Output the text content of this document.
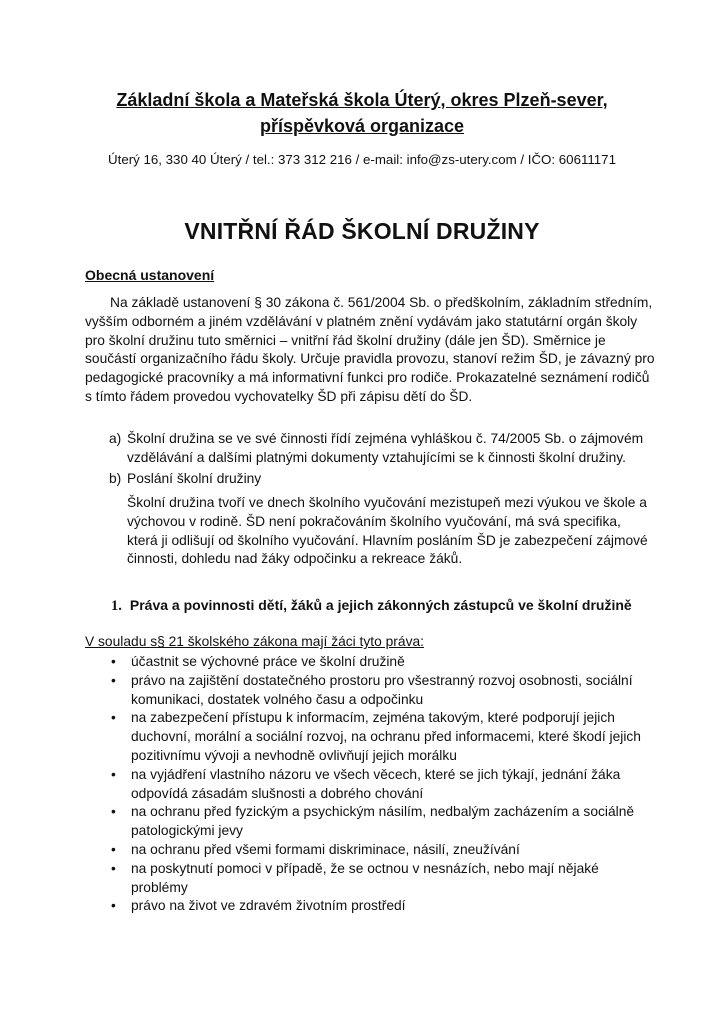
Základní škola a Mateřská škola Úterý, okres Plzeň-sever,
příspěvková organizace
Úterý 16, 330 40 Úterý / tel.: 373 312 216 / e-mail: info@zs-utery.com / IČO: 60611171
VNITŘNÍ ŘÁD ŠKOLNÍ DRUŽINY
Obecná ustanovení
Na základě ustanovení § 30 zákona č. 561/2004 Sb. o předškolním, základním středním, vyšším odborném a jiném vzdělávání v platném znění vydávám jako statutární orgán školy pro školní družinu tuto směrnici – vnitřní řád školní družiny (dále jen ŠD). Směrnice je součástí organizačního řádu školy. Určuje pravidla provozu, stanoví režim ŠD, je závazný pro pedagogické pracovníky a má informativní funkci pro rodiče. Prokazatelné seznámení rodičů s tímto řádem provedou vychovatelky ŠD při zápisu dětí do ŠD.
a) Školní družina se ve své činnosti řídí zejména vyhláškou č. 74/2005 Sb. o zájmovém vzdělávání a dalšími platnými dokumenty vztahujícími se k činnosti školní družiny.
b) Poslání školní družiny
Školní družina tvoří ve dnech školního vyučování mezistupeň mezi výukou ve škole a výchovou v rodině. ŠD není pokračováním školního vyučování, má svá specifika, která ji odlišují od školního vyučování. Hlavním posláním ŠD je zabezpečení zájmové činnosti, dohledu nad žáky odpočinku a rekreace žáků.
1. Práva a povinnosti dětí, žáků a jejich zákonných zástupců ve školní družině
V souladu s§ 21 školského zákona mají žáci tyto práva:
• účastnit se výchovné práce ve školní družině
• právo na zajištění dostatečného prostoru pro všestranný rozvoj osobnosti, sociální komunikaci, dostatek volného času a odpočinku
• na zabezpečení přístupu k informacím, zejména takovým, které podporují jejich duchovní, morální a sociální rozvoj, na ochranu před informacemi, které škodí jejich pozitivnímu vývoji a nevhodně ovlivňují jejich morálku
• na vyjádření vlastního názoru ve všech věcech, které se jich týkají, jednání žáka odpovídá zásadám slušnosti a dobrého chování
• na ochranu před fyzickým a psychickým násilím, nedbalým zacházením a sociálně patologickými jevy
• na ochranu před všemi formami diskriminace, násilí, zneužívání
• na poskytnutí pomoci v případě, že se octnou v nesnázích, nebo mají nějaké problémy
• právo na život ve zdravém životním prostředí
